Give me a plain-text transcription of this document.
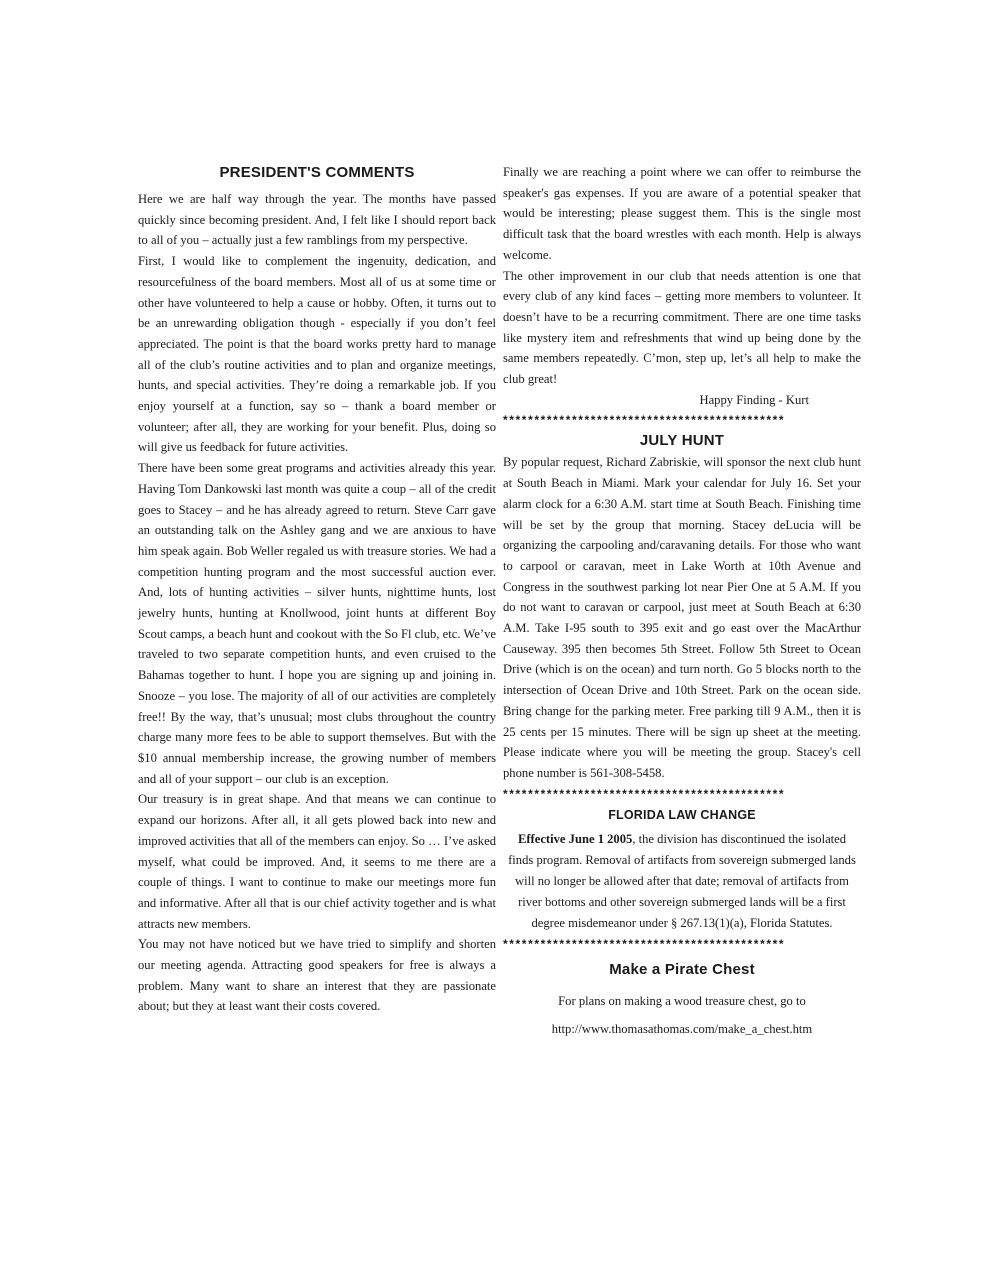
PRESIDENT'S COMMENTS

Here we are half way through the year. The months have passed quickly since becoming president. And, I felt like I should report back to all of you – actually just a few ramblings from my perspective.

First, I would like to complement the ingenuity, dedication, and resourcefulness of the board members. Most all of us at some time or other have volunteered to help a cause or hobby. Often, it turns out to be an unrewarding obligation though - especially if you don’t feel appreciated. The point is that the board works pretty hard to manage all of the club’s routine activities and to plan and organize meetings, hunts, and special activities. They’re doing a remarkable job. If you enjoy yourself at a function, say so – thank a board member or volunteer; after all, they are working for your benefit. Plus, doing so will give us feedback for future activities.

There have been some great programs and activities already this year. Having Tom Dankowski last month was quite a coup – all of the credit goes to Stacey – and he has already agreed to return. Steve Carr gave an outstanding talk on the Ashley gang and we are anxious to have him speak again. Bob Weller regaled us with treasure stories. We had a competition hunting program and the most successful auction ever. And, lots of hunting activities – silver hunts, nighttime hunts, lost jewelry hunts, hunting at Knollwood, joint hunts at different Boy Scout camps, a beach hunt and cookout with the So Fl club, etc. We’ve traveled to two separate competition hunts, and even cruised to the Bahamas together to hunt. I hope you are signing up and joining in. Snooze – you lose. The majority of all of our activities are completely free!! By the way, that’s unusual; most clubs throughout the country charge many more fees to be able to support themselves. But with the $10 annual membership increase, the growing number of members and all of your support – our club is an exception.

Our treasury is in great shape. And that means we can continue to expand our horizons. After all, it all gets plowed back into new and improved activities that all of the members can enjoy. So … I’ve asked myself, what could be improved. And, it seems to me there are a couple of things. I want to continue to make our meetings more fun and informative. After all that is our chief activity together and is what attracts new members.

You may not have noticed but we have tried to simplify and shorten our meeting agenda. Attracting good speakers for free is always a problem. Many want to share an interest that they are passionate about; but they at least want their costs covered.

Finally we are reaching a point where we can offer to reimburse the speaker's gas expenses. If you are aware of a potential speaker that would be interesting; please suggest them. This is the single most difficult task that the board wrestles with each month. Help is always welcome.

The other improvement in our club that needs attention is one that every club of any kind faces – getting more members to volunteer. It doesn’t have to be a recurring commitment. There are one time tasks like mystery item and refreshments that wind up being done by the same members repeatedly. C’mon, step up, let’s all help to make the club great!

Happy Finding - Kurt

*********************************************
JULY HUNT

By popular request, Richard Zabriskie, will sponsor the next club hunt at South Beach in Miami. Mark your calendar for July 16. Set your alarm clock for a 6:30 A.M. start time at South Beach. Finishing time will be set by the group that morning. Stacey deLucia will be organizing the carpooling and/caravaning details. For those who want to carpool or caravan, meet in Lake Worth at 10th Avenue and Congress in the southwest parking lot near Pier One at 5 A.M. If you do not want to caravan or carpool, just meet at South Beach at 6:30 A.M. Take I-95 south to 395 exit and go east over the MacArthur Causeway. 395 then becomes 5th Street. Follow 5th Street to Ocean Drive (which is on the ocean) and turn north. Go 5 blocks north to the intersection of Ocean Drive and 10th Street. Park on the ocean side. Bring change for the parking meter. Free parking till 9 A.M., then it is 25 cents per 15 minutes. There will be sign up sheet at the meeting. Please indicate where you will be meeting the group. Stacey's cell phone number is 561-308-5458.

*********************************************
FLORIDA LAW CHANGE

Effective June 1 2005, the division has discontinued the isolated finds program. Removal of artifacts from sovereign submerged lands will no longer be allowed after that date; removal of artifacts from river bottoms and other sovereign submerged lands will be a first degree misdemeanor under § 267.13(1)(a), Florida Statutes.

*********************************************
Make a Pirate Chest

For plans on making a wood treasure chest, go to

http://www.thomasathomas.com/make_a_chest.htm
